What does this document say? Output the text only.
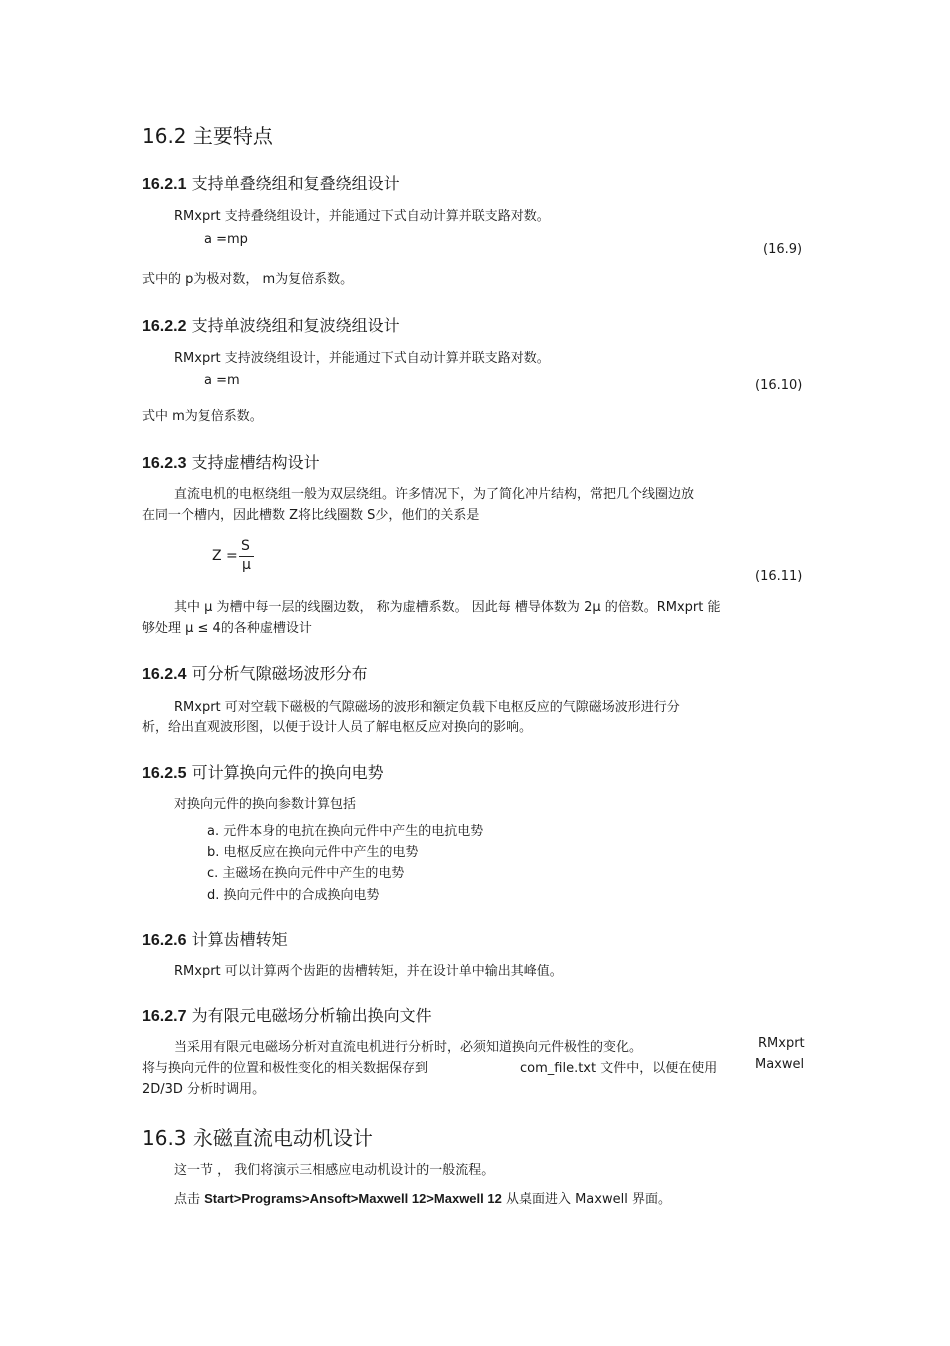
16.2 主要特点
16.2.1 支持单叠绕组和复叠绕组设计
RMxprt 支持叠绕组设计，并能通过下式自动计算并联支路对数。
a =mp
(16.9)
式中的 p为极对数， m为复倍系数。
16.2.2 支持单波绕组和复波绕组设计
RMxprt 支持波绕组设计，并能通过下式自动计算并联支路对数。
a =m	(16.10)
式中 m为复倍系数。
16.2.3 支持虚槽结构设计
直流电机的电枢绕组一般为双层绕组。许多情况下，为了简化冲片结构，常把几个线圈边放
在同一个槽内，因此槽数 Z将比线圈数 S少，他们的关系是
Z =
S
μ
(16.11)
其中 μ 为槽中每一层的线圈边数， 称为虚槽系数。 因此每 槽导体数为 2μ 的倍数。RMxprt 能
够处理 μ ≤ 4的各种虚槽设计
16.2.4 可分析气隙磁场波形分布
RMxprt 可对空载下磁极的气隙磁场的波形和额定负载下电枢反应的气隙磁场波形进行分
析，给出直观波形图，以便于设计人员了解电枢反应对换向的影响。
16.2.5 可计算换向元件的换向电势
对换向元件的换向参数计算包括
a. 元件本身的电抗在换向元件中产生的电抗电势
b. 电枢反应在换向元件中产生的电势
c. 主磁场在换向元件中产生的电势
d. 换向元件中的合成换向电势
16.2.6 计算齿槽转矩
RMxprt 可以计算两个齿距的齿槽转矩，并在设计单中输出其峰值。
16.2.7 为有限元电磁场分析输出换向文件
当采用有限元电磁场分析对直流电机进行分析时，必须知道换向元件极性的变化。	RMxprt
将与换向元件的位置和极性变化的相关数据保存到	com_file.txt 文件中，以便在使用	Maxwel
2D/3D 分析时调用。
16.3 永磁直流电动机设计
这一节 ， 我们将演示三相感应电动机设计的一般流程。
点击 Start>Programs>Ansoft>Maxwell 12>Maxwell 12 从桌面进入 Maxwell 界面。
